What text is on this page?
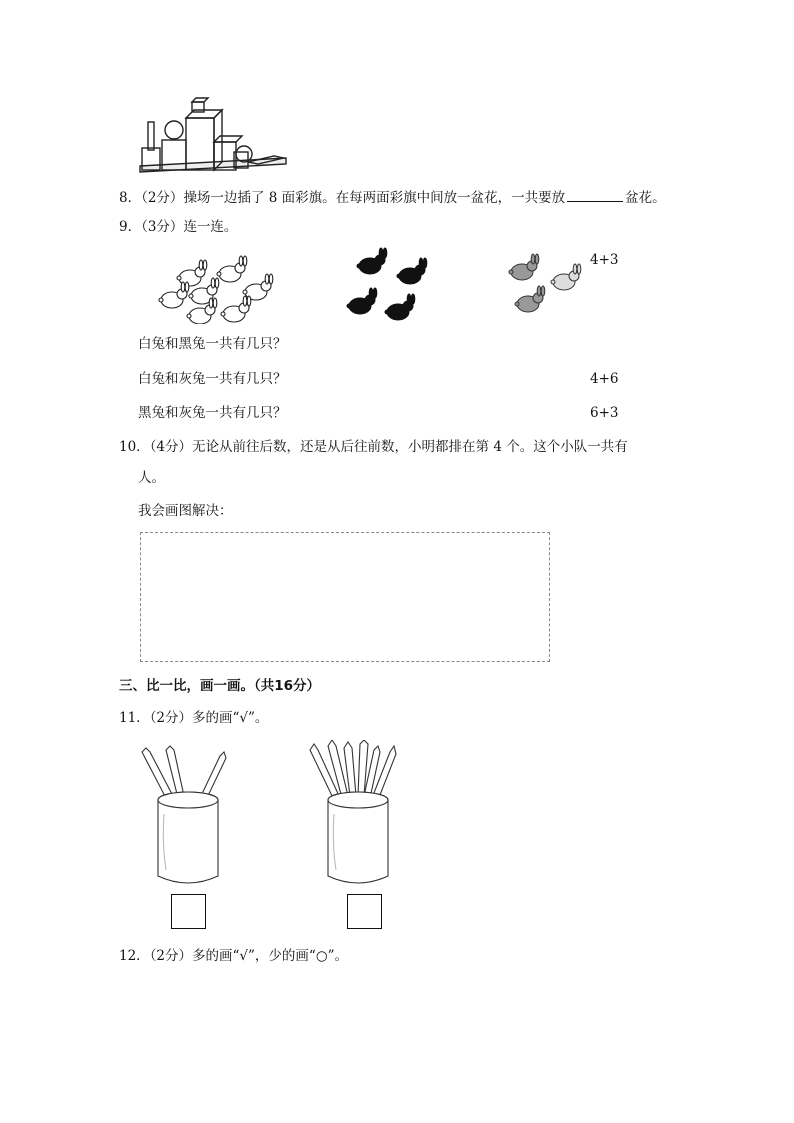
8．（2分）操场一边插了 8 面彩旗。在每两面彩旗中间放一盆花，一共要放	盆花。
9．（3分）连一连。
4+3
白兔和黑兔一共有几只？
白兔和灰兔一共有几只？	4+6
黑兔和灰兔一共有几只？	6+3
10．（4分）无论从前往后数，还是从后往前数，小明都排在第 4 个。这个小队一共有
人。
我会画图解决：
三、比一比，画一画。（共16分）
11．（2分）多的画“√”。
12．（2分）多的画“√”，少的画“○”。
